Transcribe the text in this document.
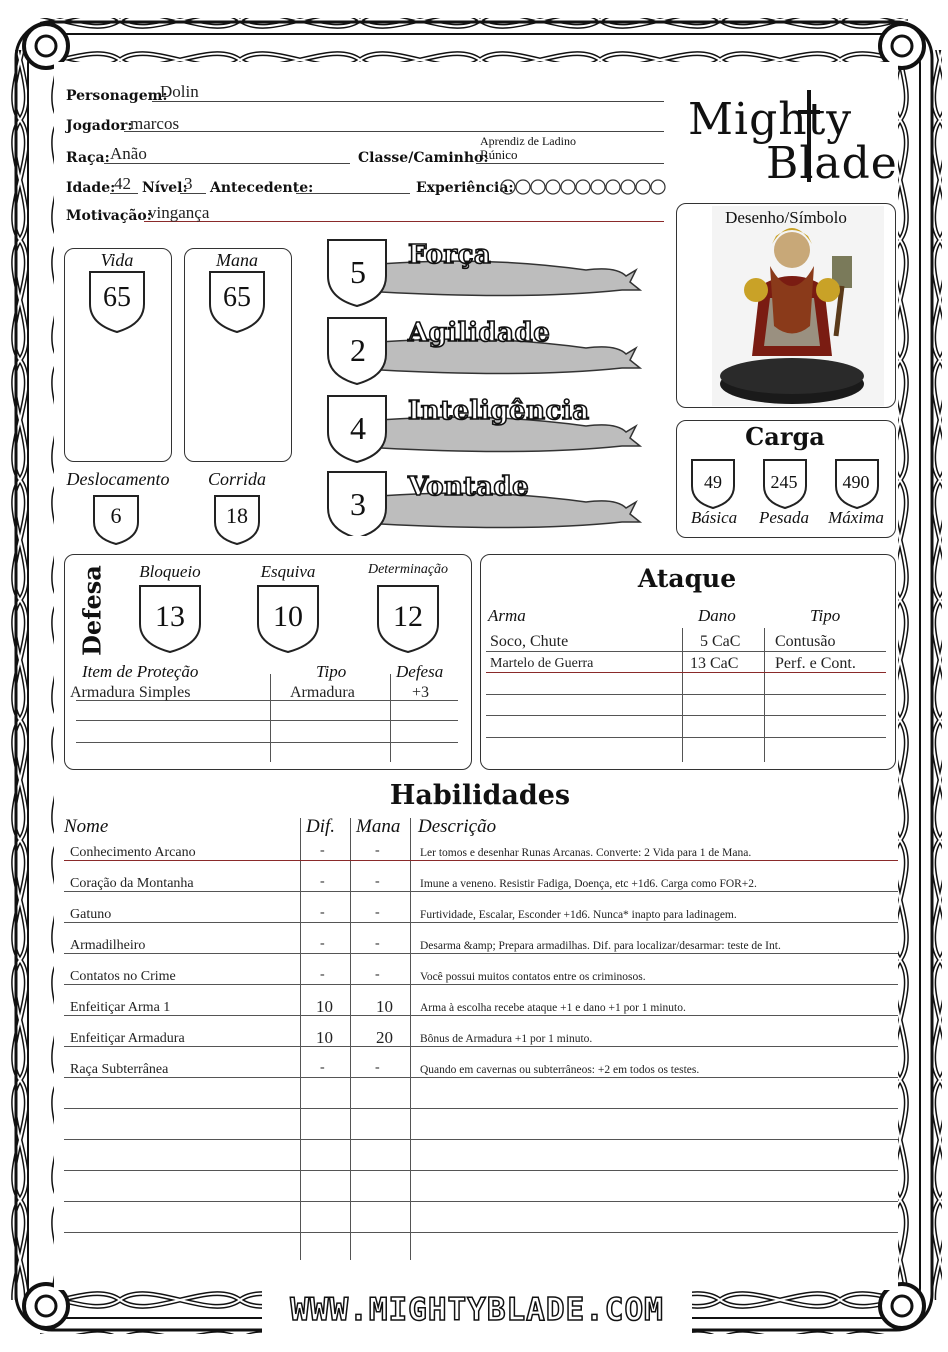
WWW.MIGHTYBLADE.COM
Mighty
Blade
Personagem:
Dolin
Jogador:
marcos
Raça: Anão	Classe/Caminho:
Aprendiz de Ladino
Rúnico
Idade:
42 Nível:
3 Antecedente:	Experiência:
Motivação:
vingança	Desenho/Símbolo
Vida	Mana
65	65
Deslocamento	Corrida
6	18
5	Força
2	Agilidade
4	Inteligência
3	Vontade
Carga
49	245	490
Básica	Pesada	Máxima
Defesa	Bloqueio	Esquiva	Determinação
13	10	12
Item de Proteção	Tipo	Defesa
Armadura Simples	Armadura	+3
Ataque
Arma	Dano	Tipo
Soco, Chute	5 CaC Contusão
Martelo de Guerra	13 CaC Perf. e Cont.
Habilidades
Nome	Dif. Mana Descrição
Conhecimento Arcano	-	-	Ler tomos e desenhar Runas Arcanas. Converte: 2 Vida para 1 de Mana.
Coração da Montanha	-	-	Imune a veneno. Resistir Fadiga, Doença, etc +1d6. Carga como FOR+2.
Gatuno	-	-	Furtividade, Escalar, Esconder +1d6. Nunca* inapto para ladinagem.
Armadilheiro	-	-	Desarma &amp; Prepara armadilhas. Dif. para localizar/desarmar: teste de Int.
Contatos no Crime	-	-	Você possui muitos contatos entre os criminosos.
Enfeitiçar Arma 1	10	10 Arma à escolha recebe ataque +1 e dano +1 por 1 minuto.
Enfeitiçar Armadura	10	20 Bônus de Armadura +1 por 1 minuto.
Raça Subterrânea	-	-	Quando em cavernas ou subterrâneos: +2 em todos os testes.
